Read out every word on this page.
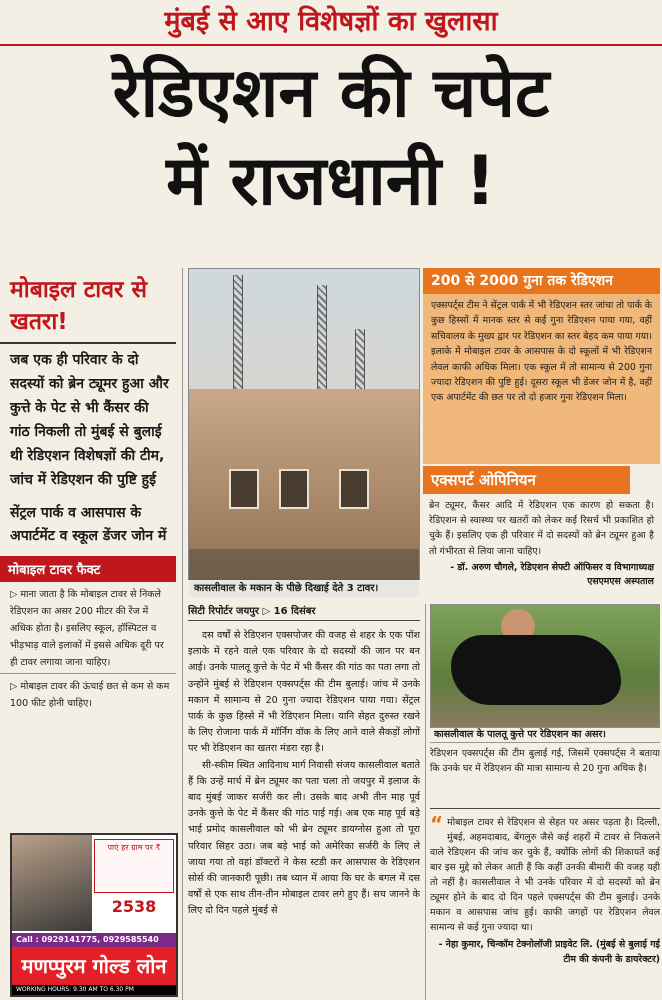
मुंबई से आए विशेषज्ञों का खुलासा
रेडिएशन की चपेट
में राजधानी !
मोबाइल टावर से खतरा!
जब एक ही परिवार के दो सदस्यों को ब्रेन ट्यूमर हुआ और कुत्ते के पेट से भी कैंसर की गांठ निकली तो मुंबई से बुलाई थी रेडिएशन विशेषज्ञों की टीम, जांच में रेडिएशन की पुष्टि हुई
सेंट्रल पार्क व आसपास के अपार्टमेंट व स्कूल डेंजर जोन में
मोबाइल टावर फैक्ट
▷ माना जाता है कि मोबाइल टावर से निकले रेडिएशन का असर 200 मीटर की रेंज में अधिक होता है। इसलिए स्कूल, हॉस्पिटल व भीड़भाड़ वाले इलाकों में इससे अधिक दूरी पर ही टावर लगाया जाना चाहिए।
▷ मोबाइल टावर की ऊंचाई छत से कम से कम 100 फीट होनी चाहिए।
पाएं हर ग्राम पर ₹
2538
Call : 0929141775, 0929585540
मणप्पुरम गोल्ड लोन
WORKING HOURS: 9.30 AM TO 6.30 PM
कासलीवाल के मकान के पीछे दिखाई देते 3 टावर।
सिटी रिपोर्टर जयपुर ▷ 16 दिसंबर

दस वर्षों से रेडिएशन एक्सपोजर की वजह से शहर के एक पॉश इलाके में रहने वाले एक परिवार के दो सदस्यों की जान पर बन आई। उनके पालतू कुत्ते के पेट में भी कैंसर की गांठ का पता लगा तो उन्होंने मुंबई से रेडिएशन एक्सपर्ट्स की टीम बुलाई। जांच में उनके मकान में सामान्य से 20 गुना ज्यादा रेडिएशन पाया गया। सेंट्रल पार्क के कुछ हिस्से में भी रेडिएशन मिला। यानि सेहत दुरुस्त रखने के लिए रोजाना पार्क में मॉर्निंग वॉक के लिए आने वाले सैकड़ों लोगों पर भी रेडिएशन का खतरा मंडरा रहा है।

सी-स्कीम स्थित आदिनाथ मार्ग निवासी संजय कासलीवाल बताते हैं कि उन्हें मार्च में ब्रेन ट्यूमर का पता चला तो जयपुर में इलाज के बाद मुंबई जाकर सर्जरी कर ली। उसके बाद अभी तीन माह पूर्व उनके कुत्ते के पेट में कैंसर की गांठ पाई गई। अब एक माह पूर्व बड़े भाई प्रमोद कासलीवाल को भी ब्रेन ट्यूमर डायग्नोस हुआ तो पूरा परिवार सिहर उठा। जब बड़े भाई को अमेरिका सर्जरी के लिए ले जाया गया तो वहां डॉक्टरों ने केस स्टडी कर आसपास के रेडिएशन सोर्स की जानकारी पूछी। तब ध्यान में आया कि घर के बगल में दस वर्षों से एक साथ तीन-तीन मोबाइल टावर लगे हुए हैं। सच जानने के लिए दो दिन पहले मुंबई से

200 से 2000 गुना तक रेडिएशन
एक्सपर्ट्स टीम ने सेंट्रल पार्क में भी रेडिएशन स्तर जांचा तो पार्क के कुछ हिस्सों में मानक स्तर से कई गुना रेडिएशन पाया गया, वहीं सचिवालय के मुख्य द्वार पर रेडिएशन का स्तर बेहद कम पाया गया। इलाके में मोबाइल टावर के आसपास के दो स्कूलों में भी रेडिएशन लेवल काफी अधिक मिला। एक स्कूल में तो सामान्य से 200 गुना ज्यादा रेडिएशन की पुष्टि हुई। दूसरा स्कूल भी डेंजर जोन में है, वहीं एक अपार्टमेंट की छत पर तो दो हजार गुना रेडिएशन मिला।
एक्सपर्ट ओपिनियन
ब्रेन ट्यूमर, कैंसर आदि में रेडिएशन एक कारण हो सकता है। रेडिएशन से स्वास्थ्य पर खतरों को लेकर कई रिसर्च भी प्रकाशित हो चुके हैं। इसलिए एक ही परिवार में दो सदस्यों को ब्रेन ट्यूमर हुआ है तो गंभीरता से लिया जाना चाहिए।
- डॉ. अरुण चौगले, रेडिएशन सेफ्टी ऑफिसर व विभागाध्यक्ष एसएमएस अस्पताल
कासलीवाल के पालतू कुत्ते पर रेडिएशन का असर।
रेडिएशन एक्सपर्ट्स की टीम बुलाई गई, जिसमें एक्सपर्ट्स ने बताया कि उनके घर में रेडिएशन की मात्रा सामान्य से 20 गुना अधिक है।
“ मोबाइल टावर से रेडिएशन से सेहत पर असर पड़ता है। दिल्ली, मुंबई, अहमदाबाद, बेंगलुरु जैसे कई शहरों में टावर से निकलने वाले रेडिएशन की जांच कर चुके हैं, क्योंकि लोगों की शिकायतें कई बार इस मुद्दे को लेकर आती हैं कि कहीं उनकी बीमारी की वजह यही तो नहीं है। कासलीवाल ने भी उनके परिवार में दो सदस्यों को ब्रेन ट्यूमर होने के बाद दो दिन पहले एक्सपर्ट्स की टीम बुलाई। उनके मकान व आसपास जांच हुई। काफी जगहों पर रेडिएशन लेवल सामान्य से कई गुना ज्यादा था।
- नेहा कुमार, चिन्कॉम टेक्नोलॉजी प्राइवेट लि. (मुंबई से बुलाई गई टीम की कंपनी के डायरेक्टर)
